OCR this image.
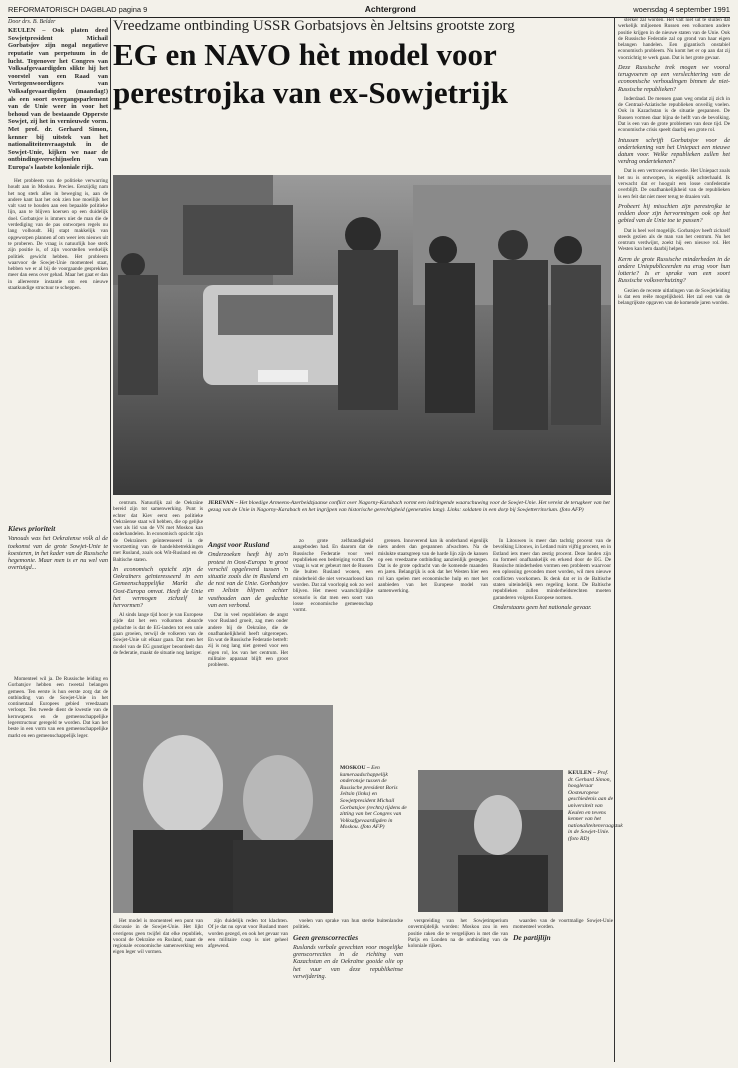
REFORMATORISCH DAGBLAD pagina 9	Achtergrond	woensdag 4 september 1991
Vreedzame ontbinding USSR Gorbatsjovs èn Jeltsins grootste zorg
EG en NAVO hèt model voor
perestrojka van ex-Sowjetrijk
Door drs. B. Belder
KEULEN – Ook platen deed Sowjetpresident Michail Gorbatsjov zijn nogal negatieve reputatie van perpetuum in de lucht. Tegenover het Congres van Volksafgevaardigden slikte hij het voorstel van een Raad van Vertegenwoordigers van Volksafgevaardigden (maandag!) als een soort overgangsparlement van de Unie weer in voor het behoud van de bestaande Opperste Sowjet, zij het in vernieuwde vorm. Met prof. dr. Gerhard Simon, kenner bij uitstek van het nationaliteitenvraagstuk in de Sowjet-Unie, kijken we naar de ontbindingsverschijnselen van Europa's laatste koloniale rijk.

Het probleem van de politieke verwarring houdt aan in Moskou. Precies. Eenzijdig nam het nog sterk alles in beweging is, aan de andere kant laat het ook zien hoe moeilijk het valt vast te houden aan een bepaalde politieke lijn, aan te blijven koersen op een duidelijk doel. Gorbatsjov is immers niet de man die de verdediging van de pas ontworpen regels nu lang volhoudt. Hij stapt makkelijk van opgeworpen plannen af om weer iets nieuws uit te proberen. De vraag is natuurlijk hoe sterk zijn positie is, of zijn voorstellen werkelijk politiek gewicht hebben. Het probleem waarvoor de Sowjet-Unie momenteel staat, hebben we er al bij de voorgaande gesprekken meer dan eens over gehad. Maar het gaat er dan in allereerste instantie om een nieuwe staatkundige structuur te scheppen.

JEREVAN – Het bloedige Armeens-Azerbeidzjaanse conflict over Nagorny-Karabach vormt een indringende waarschuwing voor de Sowjet-Unie. Het vereist de terugkeer van het gezag van de Unie in Nagorny-Karabach en het ingrijpen van historische gerechtigheid (generaties lang). Links: soldaten in een dorp bij Sowjetterritorium. (foto AFP)

sterker zal worden. Het valt niet uit te sluiten dat werkelijk miljoenen Russen een volkomen andere positie krijgen in de nieuwe staten van de Unie. Ook de Russische Federatie zal op grond van haar eigen belangen handelen. Een gigantisch onstabiel economisch probleem. Nu komt het er op aan dat zij voorzichtig te werk gaan. Dat is het grote gevaar.

Deze Russische trek mogen we vooral terugvoeren op een verslechtering van de economische verhoudingen binnen de niet-Russische republieken?

Inderdaad. De mensen gaan weg omdat zij zich in de Centraal-Aziatische republieken onveilig voelen. Ook in Kazachstan is de situatie gespannen. De Russen vormen daar bijna de helft van de bevolking. Dat is een van de grote problemen van deze tijd. De economische crisis speelt daarbij een grote rol.

Intussen schrijft Gorbatsjov voor de ondertekening van het Uniepact een nieuwe datum voor. Welke republieken zullen het verdrag ondertekenen?

Dat is een vertrouwenskwestie. Het Uniepact zoals het nu is ontworpen, is eigenlijk achterhaald. Ik verwacht dat er hooguit een losse confederatie overblijft. De onafhankelijkheid van de republieken is een feit dat niet meer terug te draaien valt.

Probeert hij misschien zijn perestrojka te redden door zijn hervormingen ook op het gebied van de Unie toe te passen?

Dat is heel wel mogelijk. Gorbatsjov heeft zichzelf steeds gezien als de man van het centrum. Nu het centrum verdwijnt, zoekt hij een nieuwe rol. Het Westen kan hem daarbij helpen.

Kerm de grote Russische minderheden in de andere Uniepubliceerden nu erug voor hun lotterie? Is er sprake van een soort Russische volksverhuizing?

Gezien de recente uitlatingen van de Sowjetleiding is dat een reële mogelijkheid. Het zal een van de belangrijkste opgaven van de komende jaren worden.

Kiews prioriteit
Vanouds was het Oekraïense volk al de toekomst van de grote Sowjet-Unie te koesteren, in het kader van de Russische hegemonie. Maar men is er nu wel van overtuigd...

Momenteel wil ja. De Russische leiding en Gorbatsjov hebben een tweetal belangen gemeen. Ten eerste is hun eerste zorg dat de ontbinding van de Sowjet-Unie in het continentaal Europees gebied vreedzaam verloopt. Ten tweede dient de kwestie van de kernwapens en de gemeenschappelijke legerstructuur geregeld te worden. Dat kan het beste in een vorm van een gemeenschappelijke markt en een gemeenschappelijk leger.

centrum. Natuurlijk zal de Oekraïne bereid zijn tot samenwerking. Punt is echter dat Kiev eerst een politieke Oekraïense staat wil hebben, die op gelijke voet als lid van de VN met Moskou kan onderhandelen. In economisch opzicht zijn de Oekraïners geïnteresseerd in de voortzetting van de handelsbetrekkingen met Rusland, zoals ook Wit-Rusland en de Baltische staten.

In economisch opzicht zijn de Oekraïners geïnteresseerd in een Gemeenschappelijke Markt die Oost-Europa omvat. Heeft de Unie het vermogen zichzelf te hervormen?

Al sinds lange tijd hoor je van Europese zijde dat het een volkomen absurde gedachte is dat de EG-landen tot een unie gaan groeien, terwijl de volkeren van de Sowjet-Unie uit elkaar gaan. Dat men het model van de EG gunstiger beoordeelt dan de federatie, maakt de situatie nog lastiger.

Angst voor Rusland
Onderzoeken heeft bij zo'n protest in Oost-Europa 'n groot verschil opgeleverd tussen 'n situatie zoals die in Rusland en de rest van de Unie. Gorbatsjov en Jeltsin blijven echter vasthouden aan de gedachte van een verbond.

Dat in veel republieken de angst voor Rusland groeit, zag men onder andere bij de Oekraïne, die de onafhankelijkheid heeft uitgeroepen. En wat de Russische Federatie betreft: zij is nog lang niet gereed voor een eigen rol, los van het centrum. Het militaire apparaat blijft een groot probleem.

zo grote zelfstandigheid aangeboden had. En daarom dat de Russische Federatie voor veel republieken een bedreiging vormt. De vraag is wat er gebeurt met de Russen die buiten Rusland wonen, een minderheid die niet verwaarloosd kan worden. Dat zal voorlopig ook zo wel blijven. Het meest waarschijnlijke scenario is dat men een soort van losse economische gemeenschap vormt.

grensen. Innoverend kan ik onderhand eigenlijk niets anders dan gespannen afwachten. Na de mislukte staatsgreep van de harde lijn zijn de kansen op een vreedzame ontbinding aanzienlijk gestegen. Dat is de grote opdracht van de komende maanden en jaren. Belangrijk is ook dat het Westen hier een rol kan spelen met economische hulp en met het aanbieden van het Europese model van samenwerking.

In Litouwen is meer dan tachtig procent van de bevolking Litouws, in Letland ruim vijftig procent, en in Estland iets meer dan zestig procent. Deze landen zijn nu formeel onafhankelijk en erkend door de EG. De Russische minderheden vormen een probleem waarvoor een oplossing gevonden moet worden, wil men nieuwe conflicten voorkomen. Ik denk dat er in de Baltische staten uiteindelijk een regeling komt. De Baltische republieken zullen minderheidsrechten moeten garanderen volgens Europese normen.

Onderstaans geen het nationale gevaar.
MOSKOU – Een kameraadschappelijk onderonsje tussen de Russische president Boris Jeltsin (links) en Sowjetpresident Michail Gorbatsjov (rechts) tijdens de zitting van het Congres van Volksafgevaardigden in Moskou. (foto AFP)
KEULEN – Prof. dr. Gerhard Simon, hoogleraar Oosteuropese geschiedenis aan de universiteit van Keulen en tevens kenner van het nationaliteitenvraagstuk in de Sowjet-Unie. (foto RD)

Het model is momenteel een punt van discussie in de Sowjet-Unie. Het lijkt overigens geen twijfel dat elke republiek, vooral de Oekraïne en Rusland, naast de regionale economische samenwerking een eigen leger wil vormen.

zijn duidelijk reden tot klachten. Of je dat nu opvat voor Rusland moet worden gezegd, en ook het gevaar van een militaire coup is niet geheel afgewend.

voelen van sprake van hun sterke buitenlandse politiek.

Geen grenscorrecties
Ruslands verbale gevechten voor mogelijke grenscorrecties in de richting van Kazachstan en de Oekraïne gooide olie op het vuur van deze republikeinse verwijdering.

verspreiding van het Sowjetimperium onvermijdelijk worden: Moskou zou in een positie raken die te vergelijken is met die van Parijs en Londen na de ontbinding van de koloniale rijken.

waarden van de voortmalige Sowjet-Unie momenteel worden.

De partijlijn
